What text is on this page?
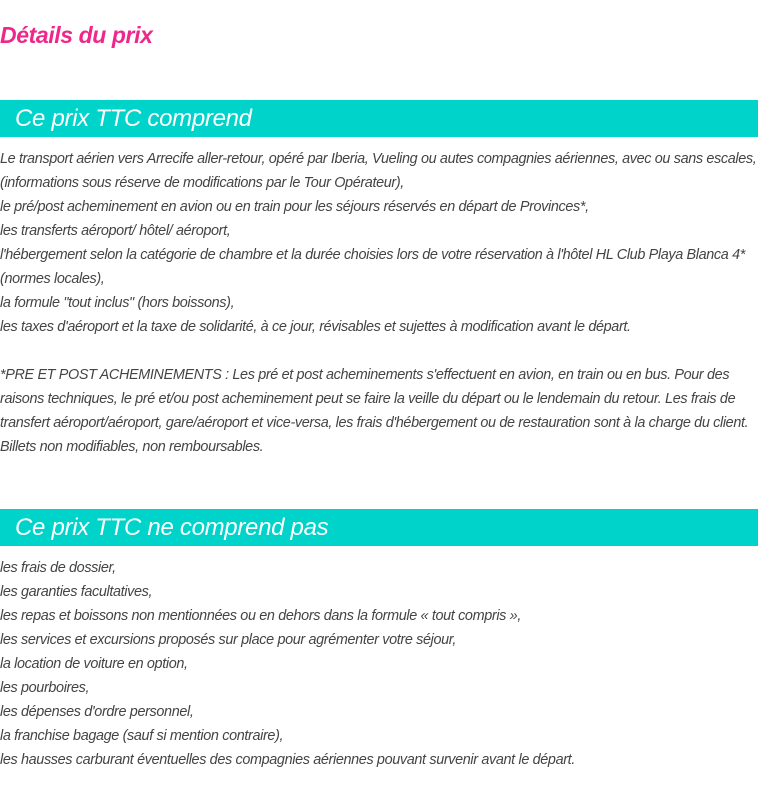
Détails du prix
Ce prix TTC comprend

Le transport aérien vers Arrecife aller-retour, opéré par Iberia, Vueling ou autes compagnies aériennes, avec ou sans escales, (informations sous réserve de modifications par le Tour Opérateur),

le pré/post acheminement en avion ou en train pour les séjours réservés en départ de Provinces*,

les transferts aéroport/ hôtel/ aéroport,

l'hébergement selon la catégorie de chambre et la durée choisies lors de votre réservation à l'hôtel HL Club Playa Blanca 4* (normes locales),

la formule "tout inclus" (hors boissons),

les taxes d'aéroport et la taxe de solidarité, à ce jour, révisables et sujettes à modification avant le départ.

*PRE ET POST ACHEMINEMENTS : Les pré et post acheminements s'effectuent en avion, en train ou en bus. Pour des raisons techniques, le pré et/ou post acheminement peut se faire la veille du départ ou le lendemain du retour. Les frais de transfert aéroport/aéroport, gare/aéroport et vice-versa, les frais d'hébergement ou de restauration sont à la charge du client. Billets non modifiables, non remboursables.

Ce prix TTC ne comprend pas

les frais de dossier,

les garanties facultatives,

les repas et boissons non mentionnées ou en dehors dans la formule « tout compris »,

les services et excursions proposés sur place pour agrémenter votre séjour,

la location de voiture en option,

les pourboires,

les dépenses d'ordre personnel,

la franchise bagage (sauf si mention contraire),

les hausses carburant éventuelles des compagnies aériennes pouvant survenir avant le départ.
